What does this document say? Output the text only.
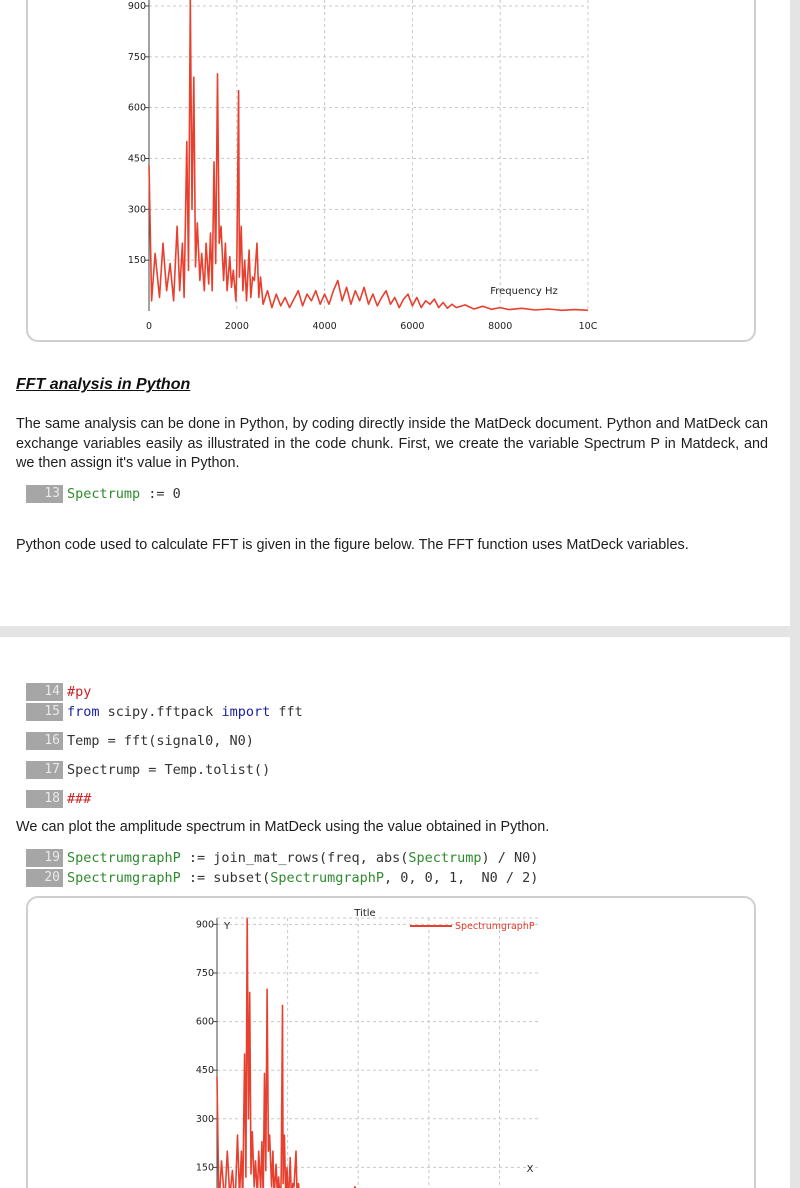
150
300
450
600
750
900
0	2000	4000	6000	8000	10C
Frequency Hz
FFT analysis in Python

The same analysis can be done in Python, by coding directly inside the MatDeck document. Python and MatDeck can exchange variables easily as illustrated in the code chunk. First, we create the variable Spectrum P in Matdeck, and we then assign it's value in Python.

13 Spectrump := 0

Python code used to calculate FFT is given in the figure below. The FFT function uses MatDeck variables.

14 #py
15 from scipy.fftpack import fft
16 Temp = fft(signal0, N0)
17 Spectrump = Temp.tolist()
18 ###

We can plot the amplitude spectrum in MatDeck using the value obtained in Python.

19 SpectrumgraphP := join_mat_rows(freq, abs(Spectrump) / N0)
20 SpectrumgraphP := subset(SpectrumgraphP, 0, 0, 1,  N0 / 2)
150
300
450
600
750
900
Title
Y
X
SpectrumgraphP
